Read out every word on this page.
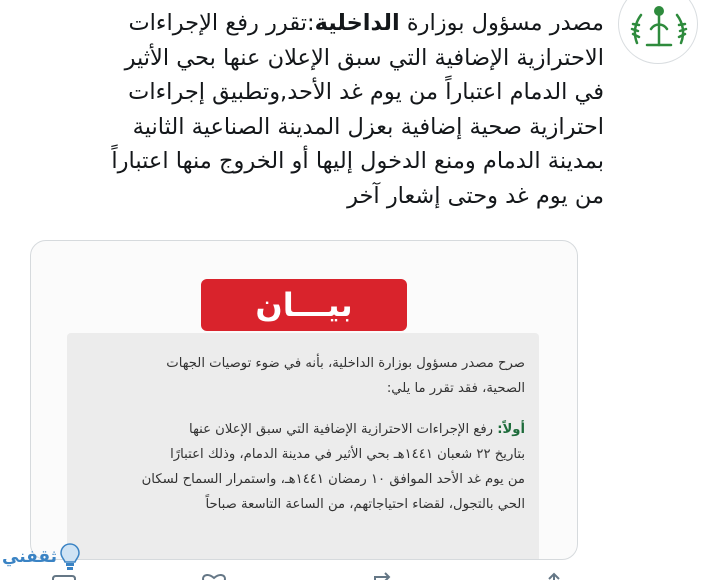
مصدر مسؤول بوزارة الداخلية:تقرر رفع الإجراءات
الاحترازية الإضافية التي سبق الإعلان عنها بحي الأثير
في الدمام اعتباراً من يوم غد الأحد,وتطبيق إجراءات
احترازية صحية إضافية بعزل المدينة الصناعية الثانية
بمدينة الدمام ومنع الدخول إليها أو الخروج منها اعتباراً
من يوم غد وحتى إشعار آخر
بيـــان
صرح مصدر مسؤول بوزارة الداخلية، بأنه في ضوء توصيات الجهات
الصحية، فقد تقرر ما يلي:
أولاً: رفع الإجراءات الاحترازية الإضافية التي سبق الإعلان عنها
بتاريخ ٢٢ شعبان ١٤٤١هـ بحي الأثير في مدينة الدمام، وذلك اعتبارًا
من يوم غد الأحد الموافق ١٠ رمضان ١٤٤١هـ، واستمرار السماح لسكان
الحي بالتجول، لقضاء احتياجاتهم، من الساعة التاسعة صباحاً
ثقفني
